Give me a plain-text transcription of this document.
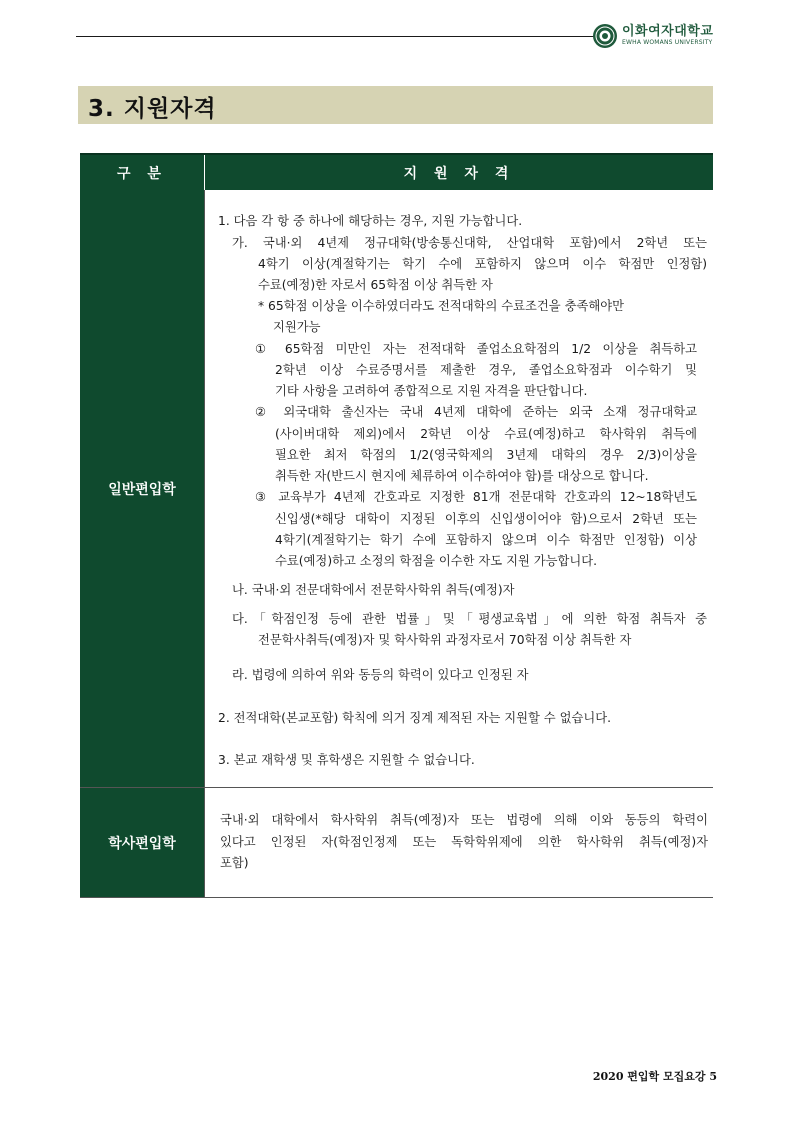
이화여자대학교
EWHA WOMANS UNIVERSITY
3. 지원자격
구 분	지 원 자 격
일반편입학
1. 다음 각 항 중 하나에 해당하는 경우, 지원 가능합니다.
가. 국내·외 4년제 정규대학(방송통신대학, 산업대학 포함)에서 2학년 또는
4학기 이상(계절학기는 학기 수에 포함하지 않으며 이수 학점만 인정함)
수료(예정)한 자로서 65학점 이상 취득한 자
* 65학점 이상을 이수하였더라도 전적대학의 수료조건을 충족해야만
지원가능
① 65학점 미만인 자는 전적대학 졸업소요학점의 1/2 이상을 취득하고
2학년 이상 수료증명서를 제출한 경우, 졸업소요학점과 이수학기 및
기타 사항을 고려하여 종합적으로 지원 자격을 판단합니다.
② 외국대학 출신자는 국내 4년제 대학에 준하는 외국 소재 정규대학교
(사이버대학 제외)에서 2학년 이상 수료(예정)하고 학사학위 취득에
필요한 최저 학점의 1/2(영국학제의 3년제 대학의 경우 2/3)이상을
취득한 자(반드시 현지에 체류하여 이수하여야 함)를 대상으로 합니다.
③ 교육부가 4년제 간호과로 지정한 81개 전문대학 간호과의 12~18학년도
신입생(*해당 대학이 지정된 이후의 신입생이어야 함)으로서 2학년 또는
4학기(계절학기는 학기 수에 포함하지 않으며 이수 학점만 인정함) 이상
수료(예정)하고 소정의 학점을 이수한 자도 지원 가능합니다.
나. 국내·외 전문대학에서 전문학사학위 취득(예정)자
다.「학점인정 등에 관한 법률」및「평생교육법」에 의한 학점 취득자 중
전문학사취득(예정)자 및 학사학위 과정자로서 70학점 이상 취득한 자
라. 법령에 의하여 위와 동등의 학력이 있다고 인정된 자
2. 전적대학(본교포함) 학칙에 의거 징계 제적된 자는 지원할 수 없습니다.
3. 본교 재학생 및 휴학생은 지원할 수 없습니다.
학사편입학
국내·외 대학에서 학사학위 취득(예정)자 또는 법령에 의해 이와 동등의 학력이
있다고 인정된 자(학점인정제 또는 독학학위제에 의한 학사학위 취득(예정)자
포함)
2020 편입학 모집요강 5
